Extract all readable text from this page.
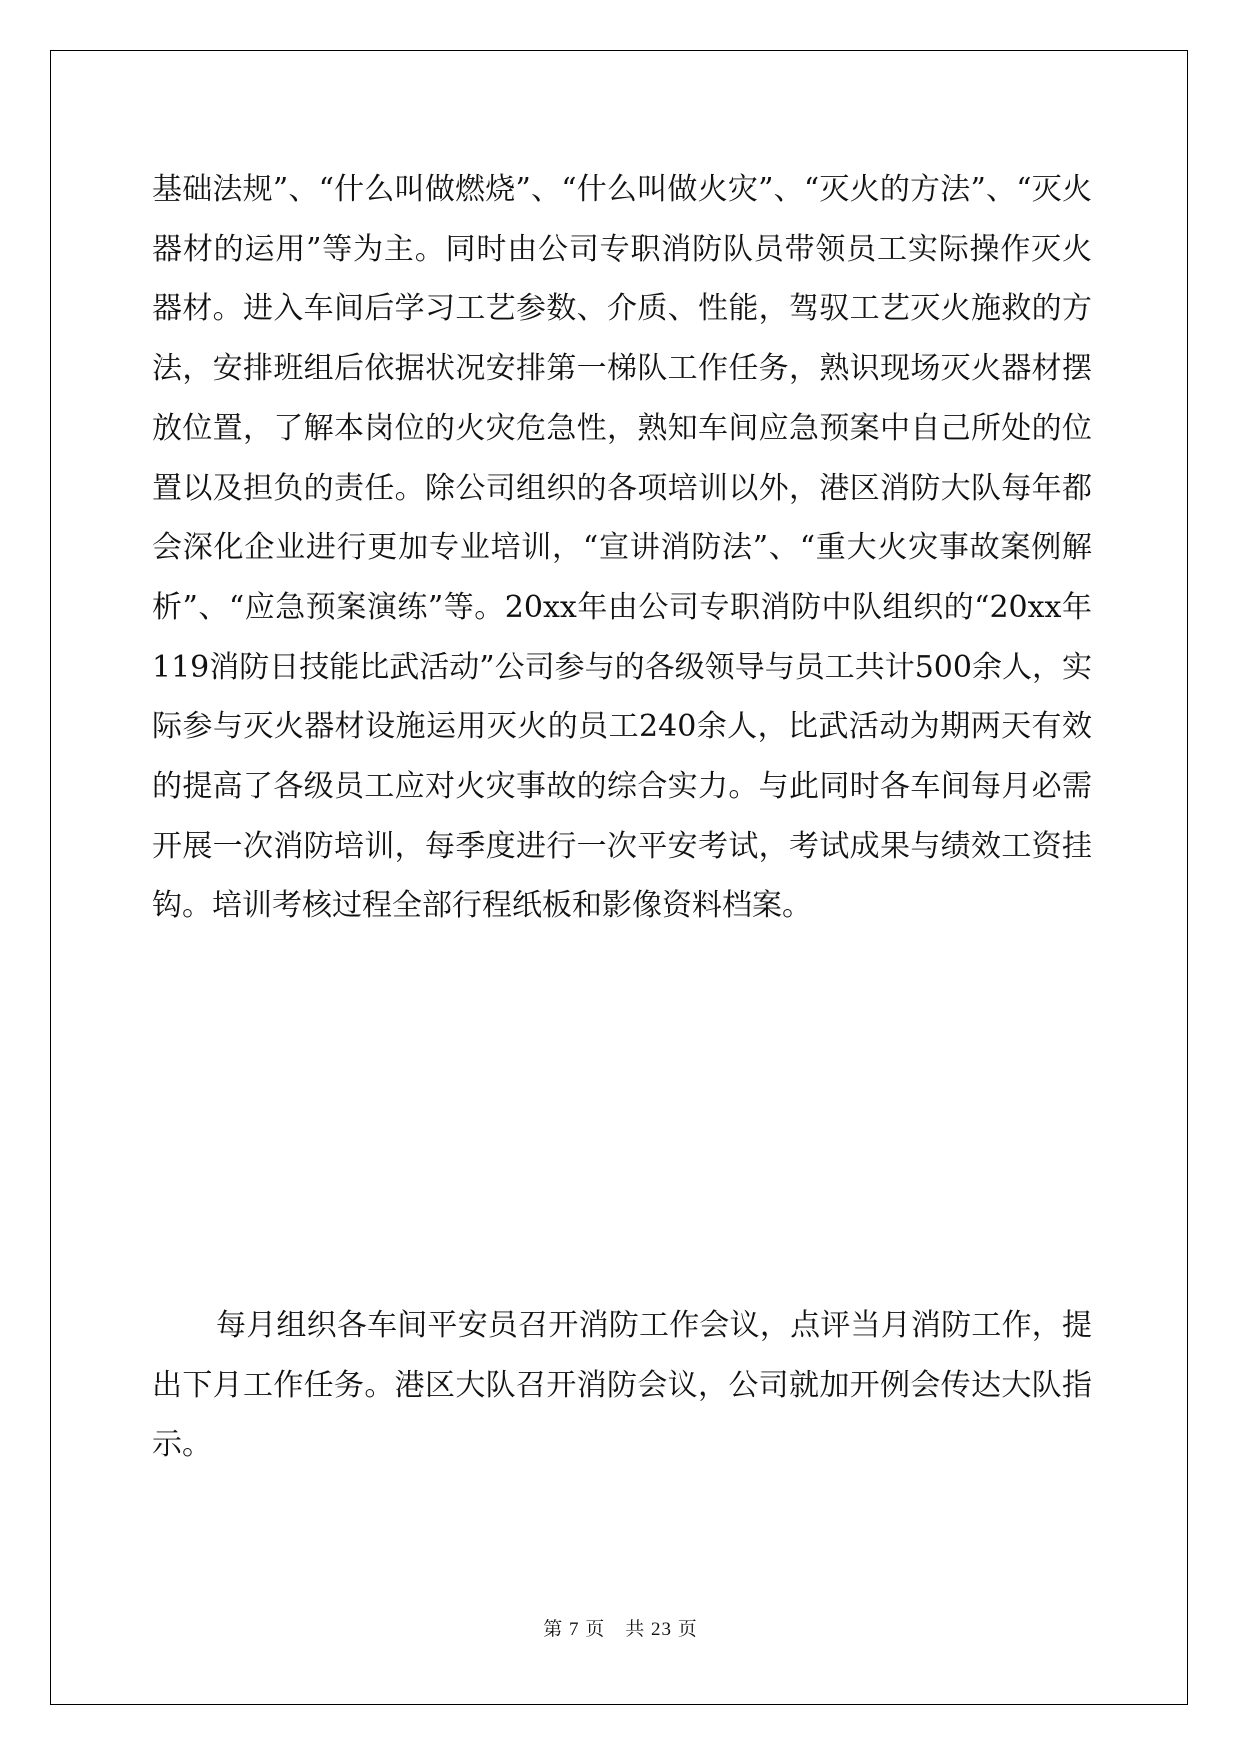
基础法规”、“什么叫做燃烧”、“什么叫做火灾”、“灭火的方法”、“灭火器材的运用”等为主。同时由公司专职消防队员带领员工实际操作灭火器材。进入车间后学习工艺参数、介质、性能，驾驭工艺灭火施救的方法，安排班组后依据状况安排第一梯队工作任务，熟识现场灭火器材摆放位置，了解本岗位的火灾危急性，熟知车间应急预案中自己所处的位置以及担负的责任。除公司组织的各项培训以外，港区消防大队每年都会深化企业进行更加专业培训，“宣讲消防法”、“重大火灾事故案例解析”、“应急预案演练”等。20xx年由公司专职消防中队组织的“20xx年119消防日技能比武活动”公司参与的各级领导与员工共计500余人，实际参与灭火器材设施运用灭火的员工240余人，比武活动为期两天有效的提高了各级员工应对火灾事故的综合实力。与此同时各车间每月必需开展一次消防培训，每季度进行一次平安考试，考试成果与绩效工资挂钩。培训考核过程全部行程纸板和影像资料档案。

每月组织各车间平安员召开消防工作会议，点评当月消防工作，提出下月工作任务。港区大队召开消防会议，公司就加开例会传达大队指示。

第 7 页　共 23 页
